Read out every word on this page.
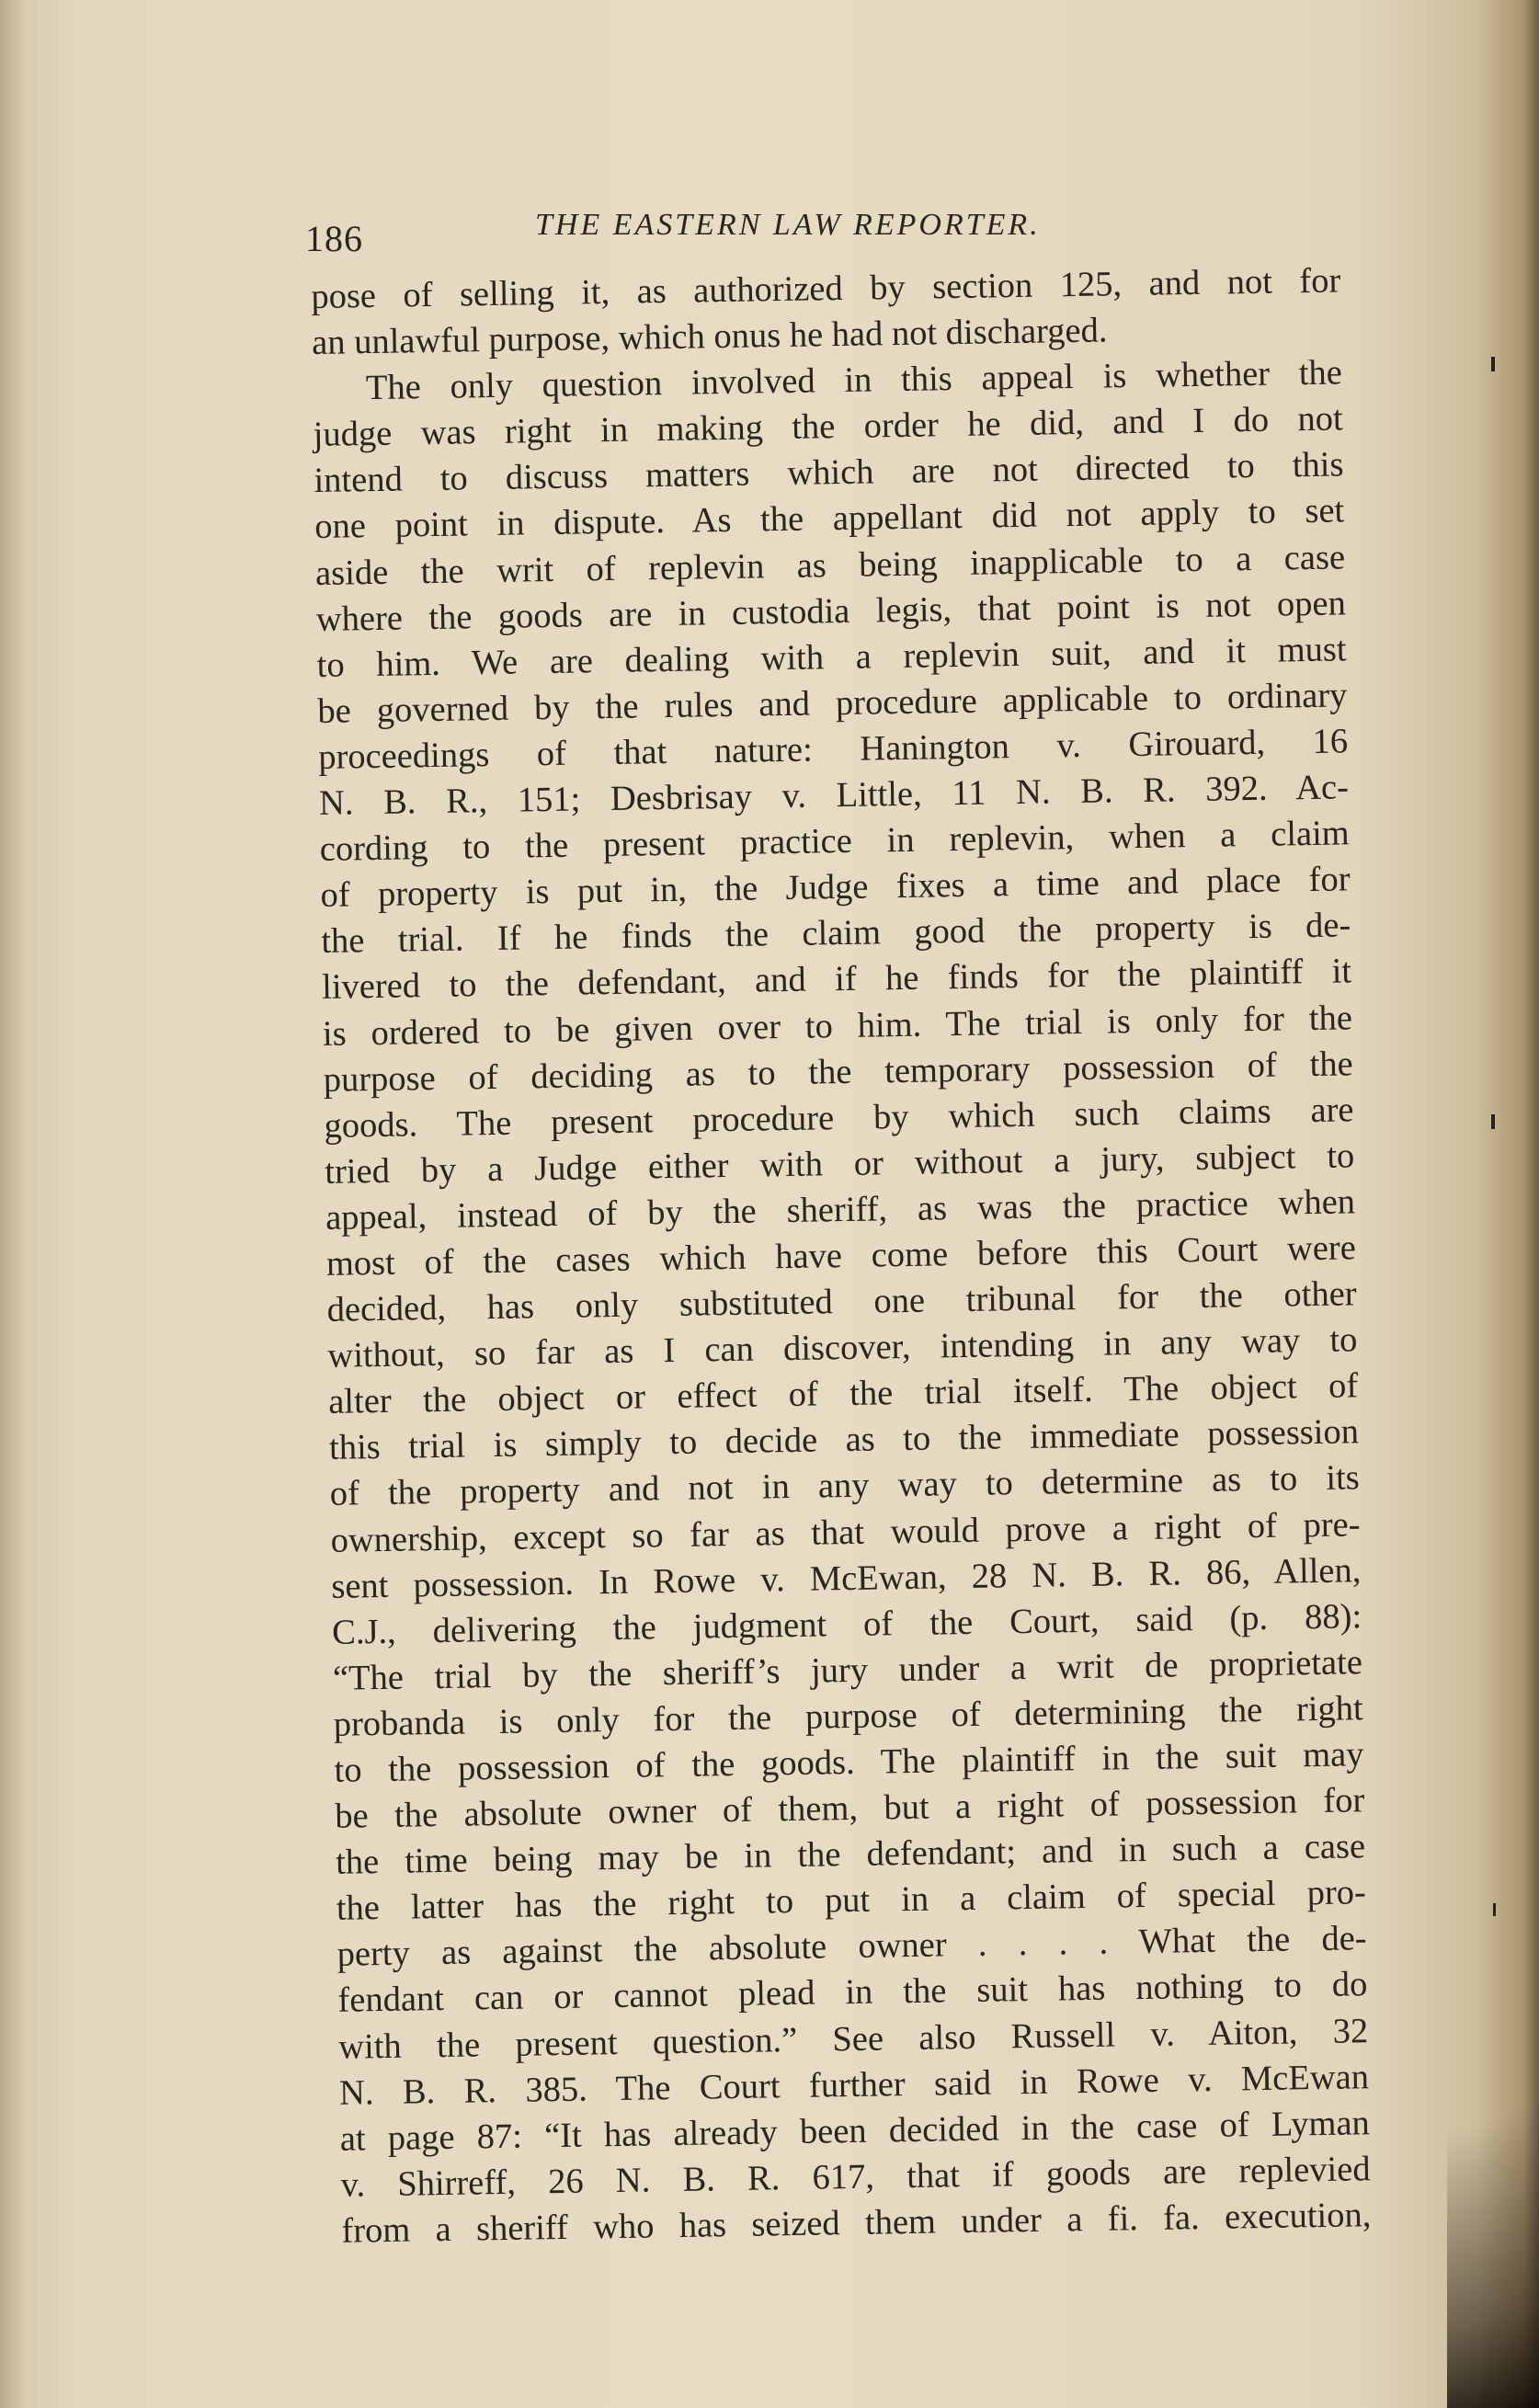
186	THE EASTERN LAW REPORTER.
pose of selling it, as authorized by section 125, and not for
an unlawful purpose, which onus he had not discharged.
The only question involved in this appeal is whether the
judge was right in making the order he did, and I do not
intend to discuss matters which are not directed to this
one point in dispute. As the appellant did not apply to set
aside the writ of replevin as being inapplicable to a case
where the goods are in custodia legis, that point is not open
to him. We are dealing with a replevin suit, and it must
be governed by the rules and procedure applicable to ordinary
proceedings of that nature: Hanington v. Girouard, 16
N. B. R., 151; Desbrisay v. Little, 11 N. B. R. 392. Ac-
cording to the present practice in replevin, when a claim
of property is put in, the Judge fixes a time and place for
the trial. If he finds the claim good the property is de-
livered to the defendant, and if he finds for the plaintiff it
is ordered to be given over to him. The trial is only for the
purpose of deciding as to the temporary possession of the
goods. The present procedure by which such claims are
tried by a Judge either with or without a jury, subject to
appeal, instead of by the sheriff, as was the practice when
most of the cases which have come before this Court were
decided, has only substituted one tribunal for the other
without, so far as I can discover, intending in any way to
alter the object or effect of the trial itself. The object of
this trial is simply to decide as to the immediate possession
of the property and not in any way to determine as to its
ownership, except so far as that would prove a right of pre-
sent possession. In Rowe v. McEwan, 28 N. B. R. 86, Allen,
C.J., delivering the judgment of the Court, said (p. 88):
“The trial by the sheriff’s jury under a writ de proprietate
probanda is only for the purpose of determining the right
to the possession of the goods. The plaintiff in the suit may
be the absolute owner of them, but a right of possession for
the time being may be in the defendant; and in such a case
the latter has the right to put in a claim of special pro-
perty as against the absolute owner . . . . What the de-
fendant can or cannot plead in the suit has nothing to do
with the present question.” See also Russell v. Aiton, 32
N. B. R. 385. The Court further said in Rowe v. McEwan
at page 87: “It has already been decided in the case of Lyman
v. Shirreff, 26 N. B. R. 617, that if goods are replevied
from a sheriff who has seized them under a fi. fa. execution,
